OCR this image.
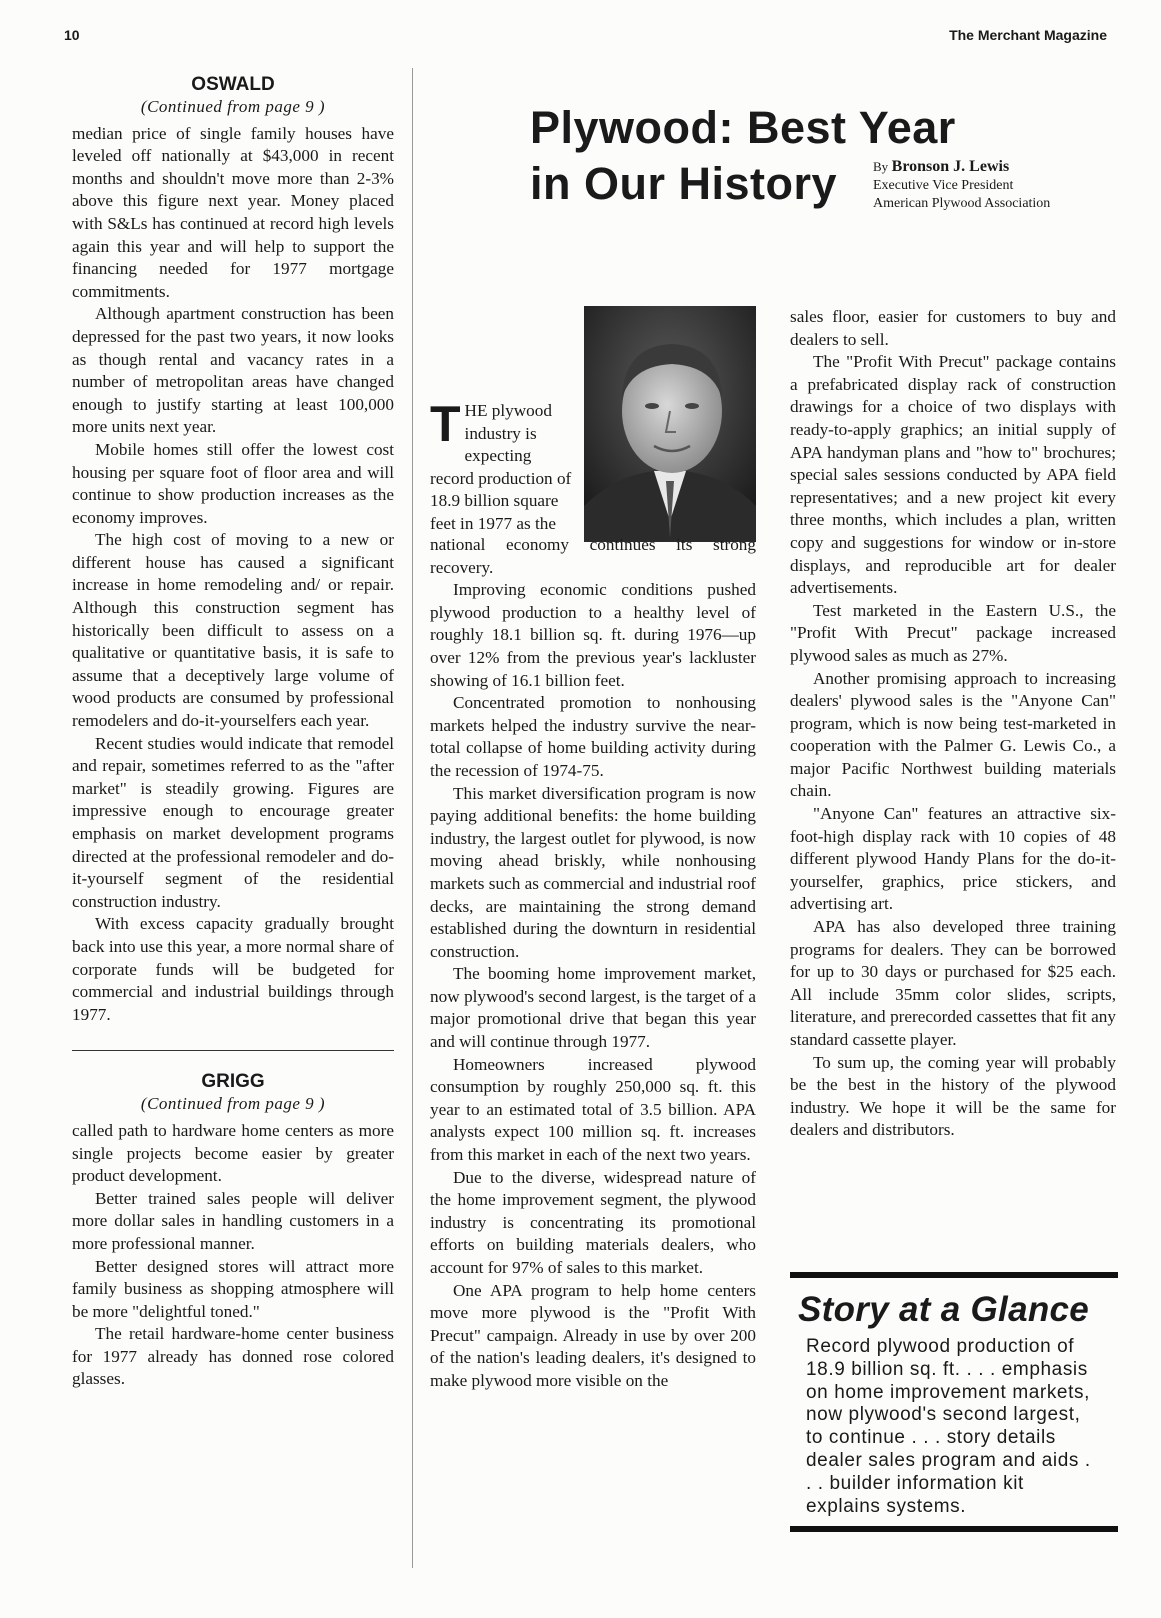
10	The Merchant Magazine
OSWALD
(Continued from page 9 )

median price of single family houses have leveled off nationally at $43,000 in recent months and shouldn't move more than 2-3% above this figure next year. Money placed with S&Ls has continued at record high levels again this year and will help to support the financing needed for 1977 mortgage commitments.

Although apartment construction has been depressed for the past two years, it now looks as though rental and vacancy rates in a number of metropolitan areas have changed enough to justify starting at least 100,000 more units next year.

Mobile homes still offer the lowest cost housing per square foot of floor area and will continue to show production increases as the economy improves.

The high cost of moving to a new or different house has caused a significant increase in home remodeling and/ or repair. Although this construction segment has historically been difficult to assess on a qualitative or quantitative basis, it is safe to assume that a deceptively large volume of wood products are consumed by professional remodelers and do-it-yourselfers each year.

Recent studies would indicate that remodel and repair, sometimes referred to as the "after market" is steadily growing. Figures are impressive enough to encourage greater emphasis on market development programs directed at the professional remodeler and do-it-yourself segment of the residential construction industry.

With excess capacity gradually brought back into use this year, a more normal share of corporate funds will be budgeted for commercial and industrial buildings through 1977.

GRIGG
(Continued from page 9 )

called path to hardware home centers as more single projects become easier by greater product development.

Better trained sales people will deliver more dollar sales in handling customers in a more professional manner.

Better designed stores will attract more family business as shopping atmosphere will be more "delightful toned."

The retail hardware-home center business for 1977 already has donned rose colored glasses.

Plywood: Best Year
in Our History	By Bronson J. Lewis
Executive Vice President
American Plywood Association
T HE plywood industry is expecting record production of 18.9 billion square feet in 1977 as the

national economy continues its strong recovery.

Improving economic conditions pushed plywood production to a healthy level of roughly 18.1 billion sq. ft. during 1976—up over 12% from the previous year's lackluster showing of 16.1 billion feet.

Concentrated promotion to nonhousing markets helped the industry survive the near-total collapse of home building activity during the recession of 1974-75.

This market diversification program is now paying additional benefits: the home building industry, the largest outlet for plywood, is now moving ahead briskly, while nonhousing markets such as commercial and industrial roof decks, are maintaining the strong demand established during the downturn in residential construction.

The booming home improvement market, now plywood's second largest, is the target of a major promotional drive that began this year and will continue through 1977.

Homeowners increased plywood consumption by roughly 250,000 sq. ft. this year to an estimated total of 3.5 billion. APA analysts expect 100 million sq. ft. increases from this market in each of the next two years.

Due to the diverse, widespread nature of the home improvement segment, the plywood industry is concentrating its promotional efforts on building materials dealers, who account for 97% of sales to this market.

One APA program to help home centers move more plywood is the "Profit With Precut" campaign. Already in use by over 200 of the nation's leading dealers, it's designed to make plywood more visible on the

sales floor, easier for customers to buy and dealers to sell.

The "Profit With Precut" package contains a prefabricated display rack of construction drawings for a choice of two displays with ready-to-apply graphics; an initial supply of APA handyman plans and "how to" brochures; special sales sessions conducted by APA field representatives; and a new project kit every three months, which includes a plan, written copy and suggestions for window or in-store displays, and reproducible art for dealer advertisements.

Test marketed in the Eastern U.S., the "Profit With Precut" package increased plywood sales as much as 27%.

Another promising approach to increasing dealers' plywood sales is the "Anyone Can" program, which is now being test-marketed in cooperation with the Palmer G. Lewis Co., a major Pacific Northwest building materials chain.

"Anyone Can" features an attractive six-foot-high display rack with 10 copies of 48 different plywood Handy Plans for the do-it-yourselfer, graphics, price stickers, and advertising art.

APA has also developed three training programs for dealers. They can be borrowed for up to 30 days or purchased for $25 each. All include 35mm color slides, scripts, literature, and prerecorded cassettes that fit any standard cassette player.

To sum up, the coming year will probably be the best in the history of the plywood industry. We hope it will be the same for dealers and distributors.

Story at a Glance
Record plywood production of 18.9 billion sq. ft. . . . emphasis on home improvement markets, now plywood's second largest, to continue . . . story details dealer sales program and aids . . . builder information kit explains systems.
